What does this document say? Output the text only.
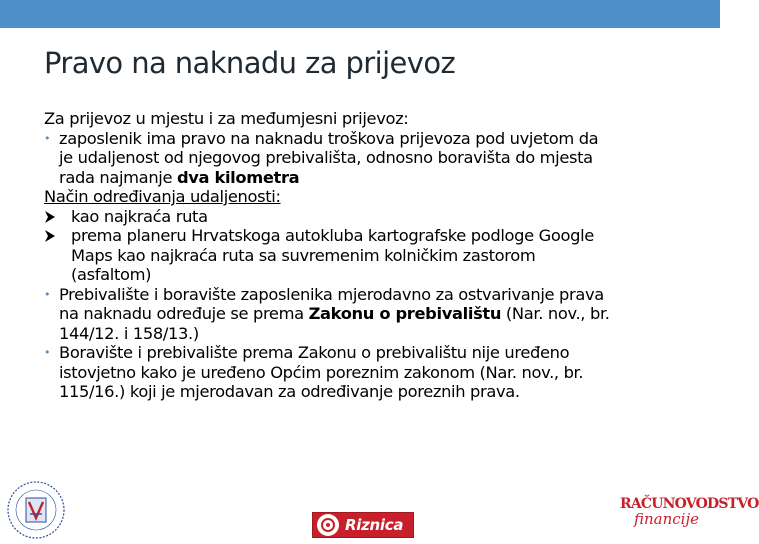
Pravo na naknadu za prijevoz
Za prijevoz u mjestu i za međumjesni prijevoz:
• zaposlenik ima pravo na naknadu troškova prijevoza pod uvjetom da
je udaljenost od njegovog prebivališta, odnosno boravišta do mjesta
rada najmanje dva kilometra
Način određivanja udaljenosti:
kao najkraća ruta
prema planeru Hrvatskoga autokluba kartografske podloge Google
Maps kao najkraća ruta sa suvremenim kolničkim zastorom
(asfaltom)
• Prebivalište i boravište zaposlenika mjerodavno za ostvarivanje prava
na naknadu određuje se prema Zakonu o prebivalištu (Nar. nov., br.
144/12. i 158/13.)
• Boravište i prebivalište prema Zakonu o prebivalištu nije uređeno
istovjetno kako je uređeno Općim poreznim zakonom (Nar. nov., br.
115/16.) koji je mjerodavan za određivanje poreznih prava.
Riznica
RAČUNOVODSTVO
financije
